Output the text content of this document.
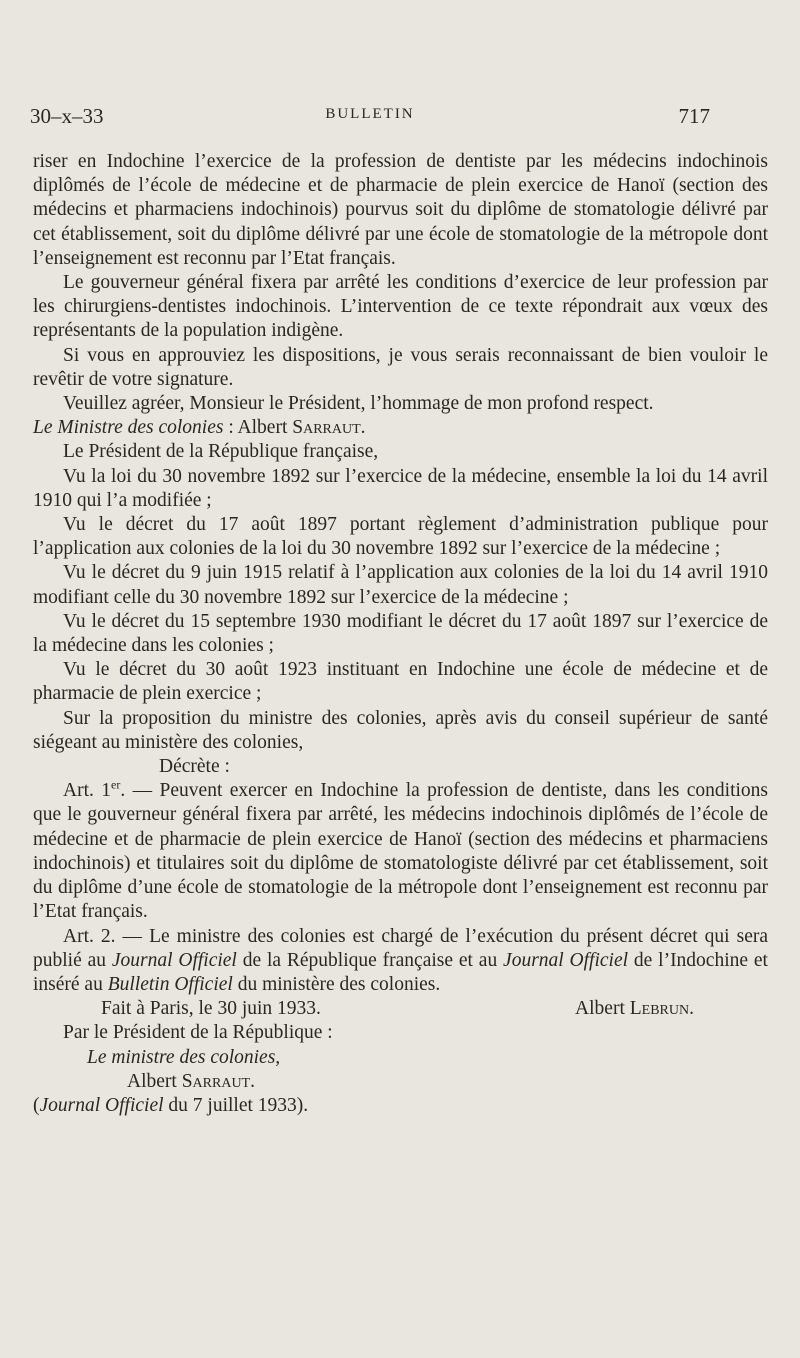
30–x–33	BULLETIN	717

riser en Indochine l’exercice de la profession de dentiste par les médecins indochinois diplômés de l’école de médecine et de pharmacie de plein exercice de Hanoï (section des médecins et pharmaciens indochinois) pourvus soit du diplôme de stomatologie délivré par cet établissement, soit du diplôme délivré par une école de stomatologie de la métropole dont l’enseignement est reconnu par l’Etat français.

Le gouverneur général fixera par arrêté les conditions d’exercice de leur profession par les chirurgiens-dentistes indochinois. L’intervention de ce texte répondrait aux vœux des représentants de la population indigène.

Si vous en approuviez les dispositions, je vous serais reconnaissant de bien vouloir le revêtir de votre signature.

Veuillez agréer, Monsieur le Président, l’hommage de mon profond respect.

Le Ministre des colonies : Albert Sarraut.

Le Président de la République française,

Vu la loi du 30 novembre 1892 sur l’exercice de la médecine, ensemble la loi du 14 avril 1910 qui l’a modifiée ;

Vu le décret du 17 août 1897 portant règlement d’administration publique pour l’application aux colonies de la loi du 30 novembre 1892 sur l’exercice de la médecine ;

Vu le décret du 9 juin 1915 relatif à l’application aux colonies de la loi du 14 avril 1910 modifiant celle du 30 novembre 1892 sur l’exercice de la médecine ;

Vu le décret du 15 septembre 1930 modifiant le décret du 17 août 1897 sur l’exercice de la médecine dans les colonies ;

Vu le décret du 30 août 1923 instituant en Indochine une école de médecine et de pharmacie de plein exercice ;

Sur la proposition du ministre des colonies, après avis du conseil supérieur de santé siégeant au ministère des colonies,

Décrète :

Art. 1er. — Peuvent exercer en Indochine la profession de dentiste, dans les conditions que le gouverneur général fixera par arrêté, les médecins indochinois diplômés de l’école de médecine et de pharmacie de plein exercice de Hanoï (section des médecins et pharmaciens indochinois) et titulaires soit du diplôme de stomatologiste délivré par cet établissement, soit du diplôme d’une école de stomatologie de la métropole dont l’enseignement est reconnu par l’Etat français.

Art. 2. — Le ministre des colonies est chargé de l’exécution du présent décret qui sera publié au Journal Officiel de la République française et au Journal Officiel de l’Indochine et inséré au Bulletin Officiel du ministère des colonies.

Fait à Paris, le 30 juin 1933.	Albert Lebrun.
Par le Président de la République :
Le ministre des colonies,
Albert Sarraut.

(Journal Officiel du 7 juillet 1933).
